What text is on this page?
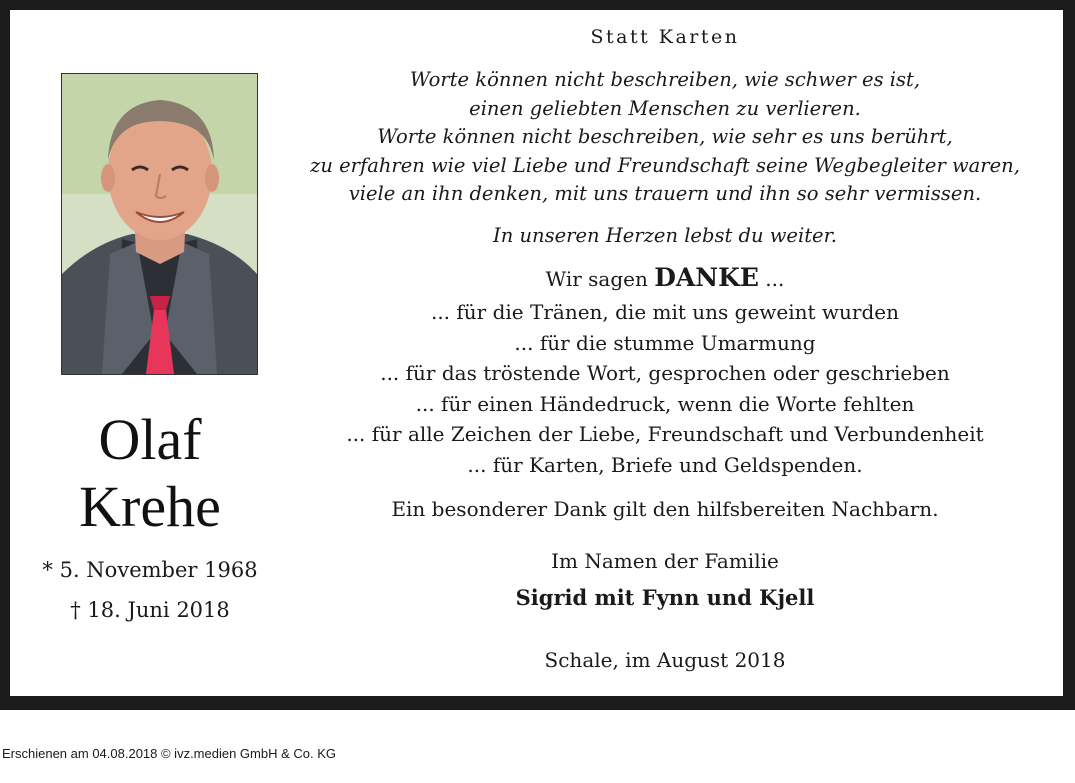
Olaf
Krehe
* 5. November 1968
† 18. Juni 2018
Statt Karten
Worte können nicht beschreiben, wie schwer es ist,
einen geliebten Menschen zu verlieren.
Worte können nicht beschreiben, wie sehr es uns berührt,
zu erfahren wie viel Liebe und Freundschaft seine Wegbegleiter waren,
viele an ihn denken, mit uns trauern und ihn so sehr vermissen.
In unseren Herzen lebst du weiter.
Wir sagen DANKE ...
... für die Tränen, die mit uns geweint wurden
... für die stumme Umarmung
... für das tröstende Wort, gesprochen oder geschrieben
... für einen Händedruck, wenn die Worte fehlten
... für alle Zeichen der Liebe, Freundschaft und Verbundenheit
... für Karten, Briefe und Geldspenden.
Ein besonderer Dank gilt den hilfsbereiten Nachbarn.
Im Namen der Familie
Sigrid mit Fynn und Kjell
Schale, im August 2018
Erschienen am 04.08.2018 © ivz.medien GmbH & Co. KG
